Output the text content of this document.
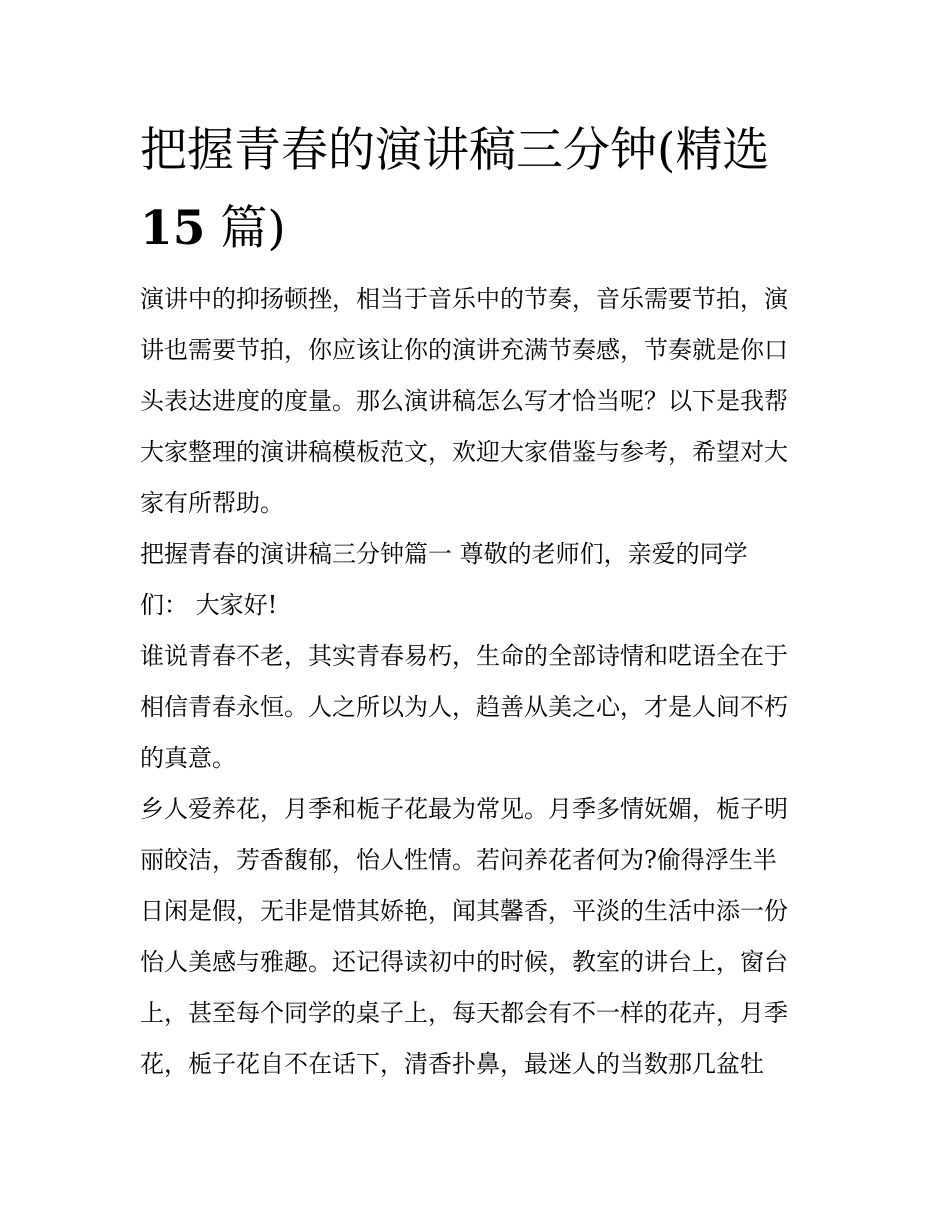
把握青春的演讲稿三分钟(精选
15 篇)
演讲中的抑扬顿挫，相当于音乐中的节奏，音乐需要节拍，演
讲也需要节拍，你应该让你的演讲充满节奏感，节奏就是你口
头表达进度的度量。那么演讲稿怎么写才恰当呢？以下是我帮
大家整理的演讲稿模板范文，欢迎大家借鉴与参考，希望对大
家有所帮助。
把握青春的演讲稿三分钟篇一 尊敬的老师们，亲爱的同学
们： 大家好!
谁说青春不老，其实青春易朽，生命的全部诗情和呓语全在于
相信青春永恒。人之所以为人，趋善从美之心，才是人间不朽
的真意。
乡人爱养花，月季和栀子花最为常见。月季多情妩媚，栀子明
丽皎洁，芳香馥郁，怡人性情。若问养花者何为?偷得浮生半
日闲是假，无非是惜其娇艳，闻其馨香，平淡的生活中添一份
怡人美感与雅趣。还记得读初中的时候，教室的讲台上，窗台
上，甚至每个同学的桌子上，每天都会有不一样的花卉，月季
花，栀子花自不在话下，清香扑鼻，最迷人的当数那几盆牡
